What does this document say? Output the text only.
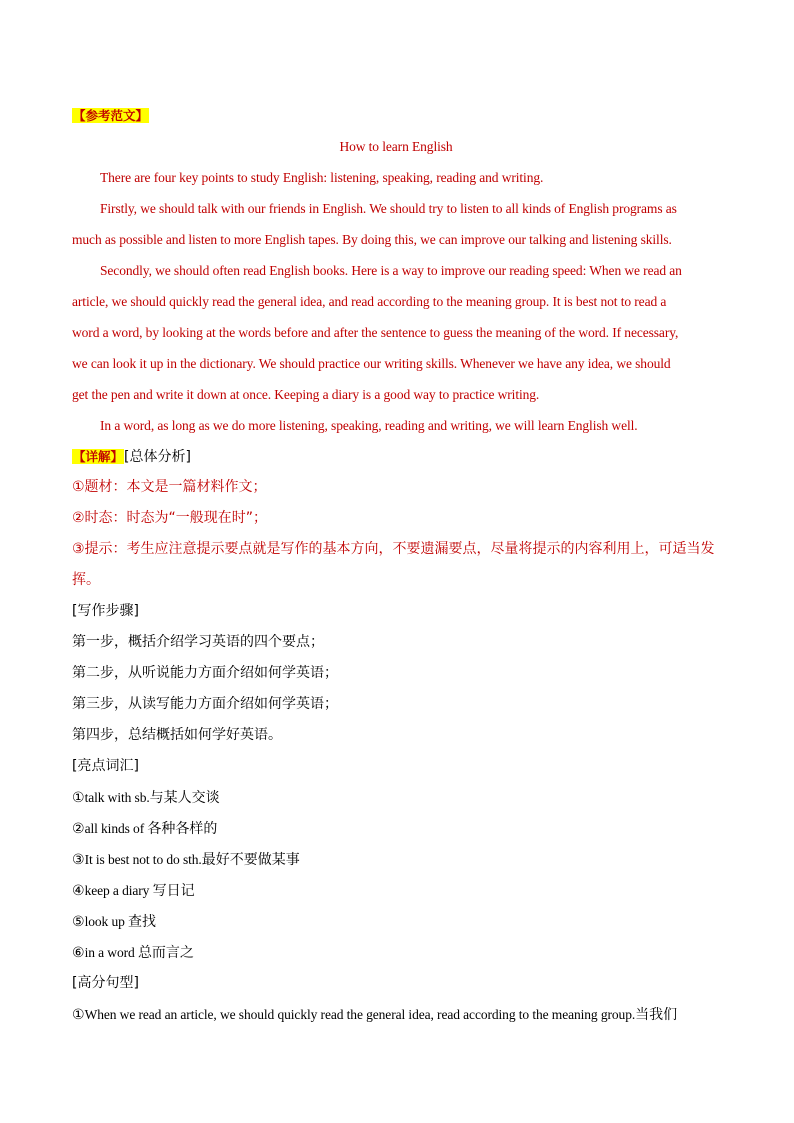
【参考范文】
How to learn English
There are four key points to study English: listening, speaking, reading and writing.
Firstly, we should talk with our friends in English. We should try to listen to all kinds of English programs as
much as possible and listen to more English tapes. By doing this, we can improve our talking and listening skills.
Secondly, we should often read English books. Here is a way to improve our reading speed: When we read an
article, we should quickly read the general idea, and read according to the meaning group. It is best not to read a
word a word, by looking at the words before and after the sentence to guess the meaning of the word. If necessary,
we can look it up in the dictionary. We should practice our writing skills. Whenever we have any idea, we should
get the pen and write it down at once. Keeping a diary is a good way to practice writing.
In a word, as long as we do more listening, speaking, reading and writing, we will learn English well.
【详解】[总体分析]
①题材：本文是一篇材料作文；
②时态：时态为“一般现在时”；
③提示：考生应注意提示要点就是写作的基本方向，不要遗漏要点，尽量将提示的内容利用上，可适当发
挥。
[写作步骤]
第一步，概括介绍学习英语的四个要点；
第二步，从听说能力方面介绍如何学英语；
第三步，从读写能力方面介绍如何学英语；
第四步，总结概括如何学好英语。
[亮点词汇]
①talk with sb.与某人交谈
②all kinds of 各种各样的
③It is best not to do sth.最好不要做某事
④keep a diary 写日记
⑤look up 查找
⑥in a word 总而言之
[高分句型]
①When we read an article, we should quickly read the general idea, read according to the meaning group.当我们
